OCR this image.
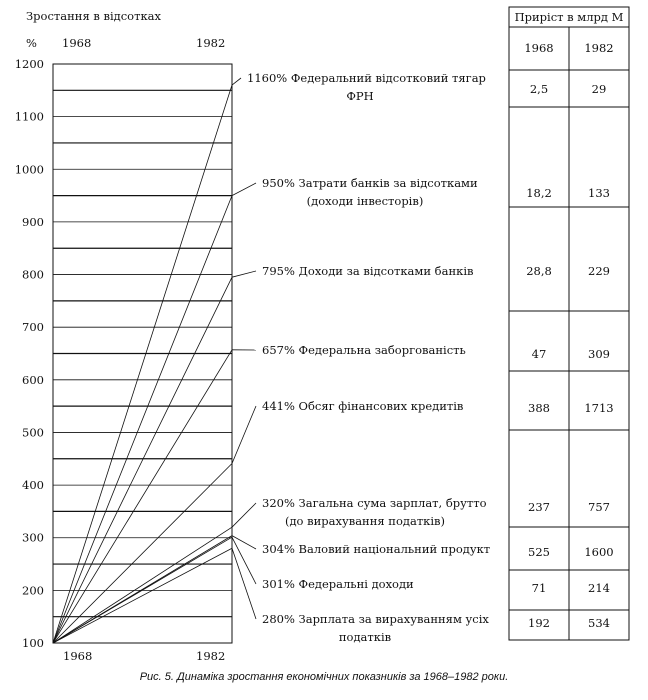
Зростання в відсотках
% 1968	1982
1968	1982
100
200
300
400
500
600
700
800
900
1000
1100
1200
1160% Федеральний відсотковий тягар
ФРН
950% Затрати банків за відсотками
(доходи інвесторів)
795% Доходи за відсотками банків
657% Федеральна заборгованість
441% Обсяг фінансових кредитів
320% Загальна сума зарплат, брутто
(до вирахування податків)
304% Валовий національний продукт
301% Федеральні доходи
280% Зарплата за вирахуванням усіх
податків
Приріст в млрд М
1968	1982
2,5	29
18,2	133
28,8	229
47	309
388	1713
237	757
525	1600
71	214
192	534
Рис. 5. Динаміка зростання економічних показників за 1968–1982 роки.
